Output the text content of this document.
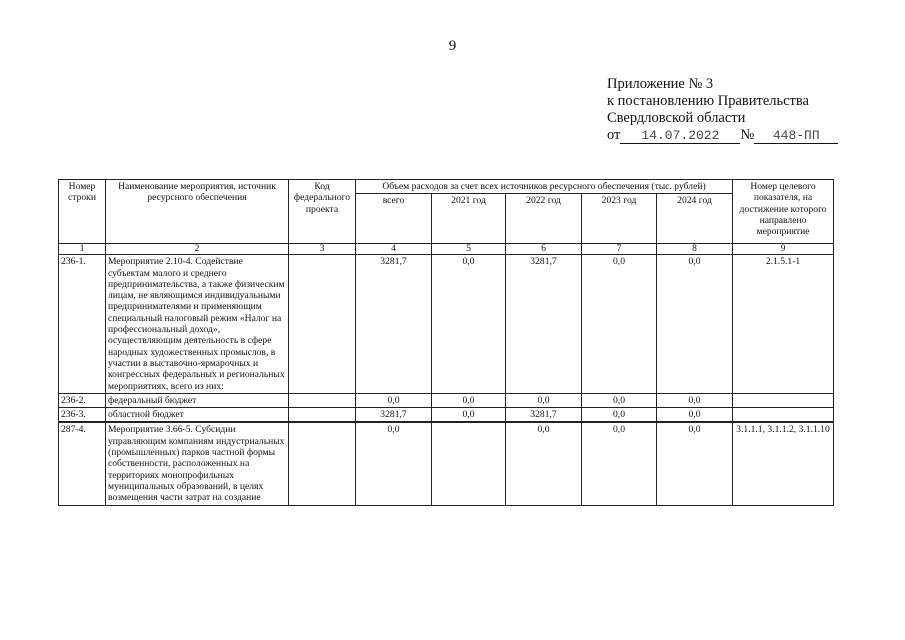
9
Приложение № 3
к постановлению Правительства
Свердловской области
от 14.07.2022 № 448-ПП
Номер строки	Наименование мероприятия, источник ресурсного обеспечения	Код федерального проекта	Объем расходов за счет всех источников ресурсного обеспечения (тыс. рублей)					Номер целевого показателя, на достижение которого направлено мероприятие
			всего	2021 год	2022 год	2023 год	2024 год	
1	2	3	4	5	6	7	8	9
236-1.	Мероприятие 2.10-4. Содействие субъектам малого и среднего предпринимательства, а также физическим лицам, не являющимся индивидуальными предпринимателями и применяющим специальный налоговый режим «Налог на профессиональный доход», осуществляющим деятельность в сфере народных художественных промыслов, в участии в выставочно-ярмарочных и конгрессных федеральных и региональных мероприятиях, всего из них:		3281,7	0,0	3281,7	0,0	0,0	2.1.5.1-1
236-2.	федеральный бюджет		0,0	0,0	0,0	0,0	0,0	
236-3.	областной бюджет		3281,7	0,0	3281,7	0,0	0,0	
287-4.	Мероприятие 3.66-5. Субсидии управляющим компаниям индустриальных (промышленных) парков частной формы собственности, расположенных на территориях монопрофильных муниципальных образований, в целях возмещения части затрат на создание		0,0		0,0	0,0	0,0	3.1.1.1, 3.1.1.2, 3.1.1.10
